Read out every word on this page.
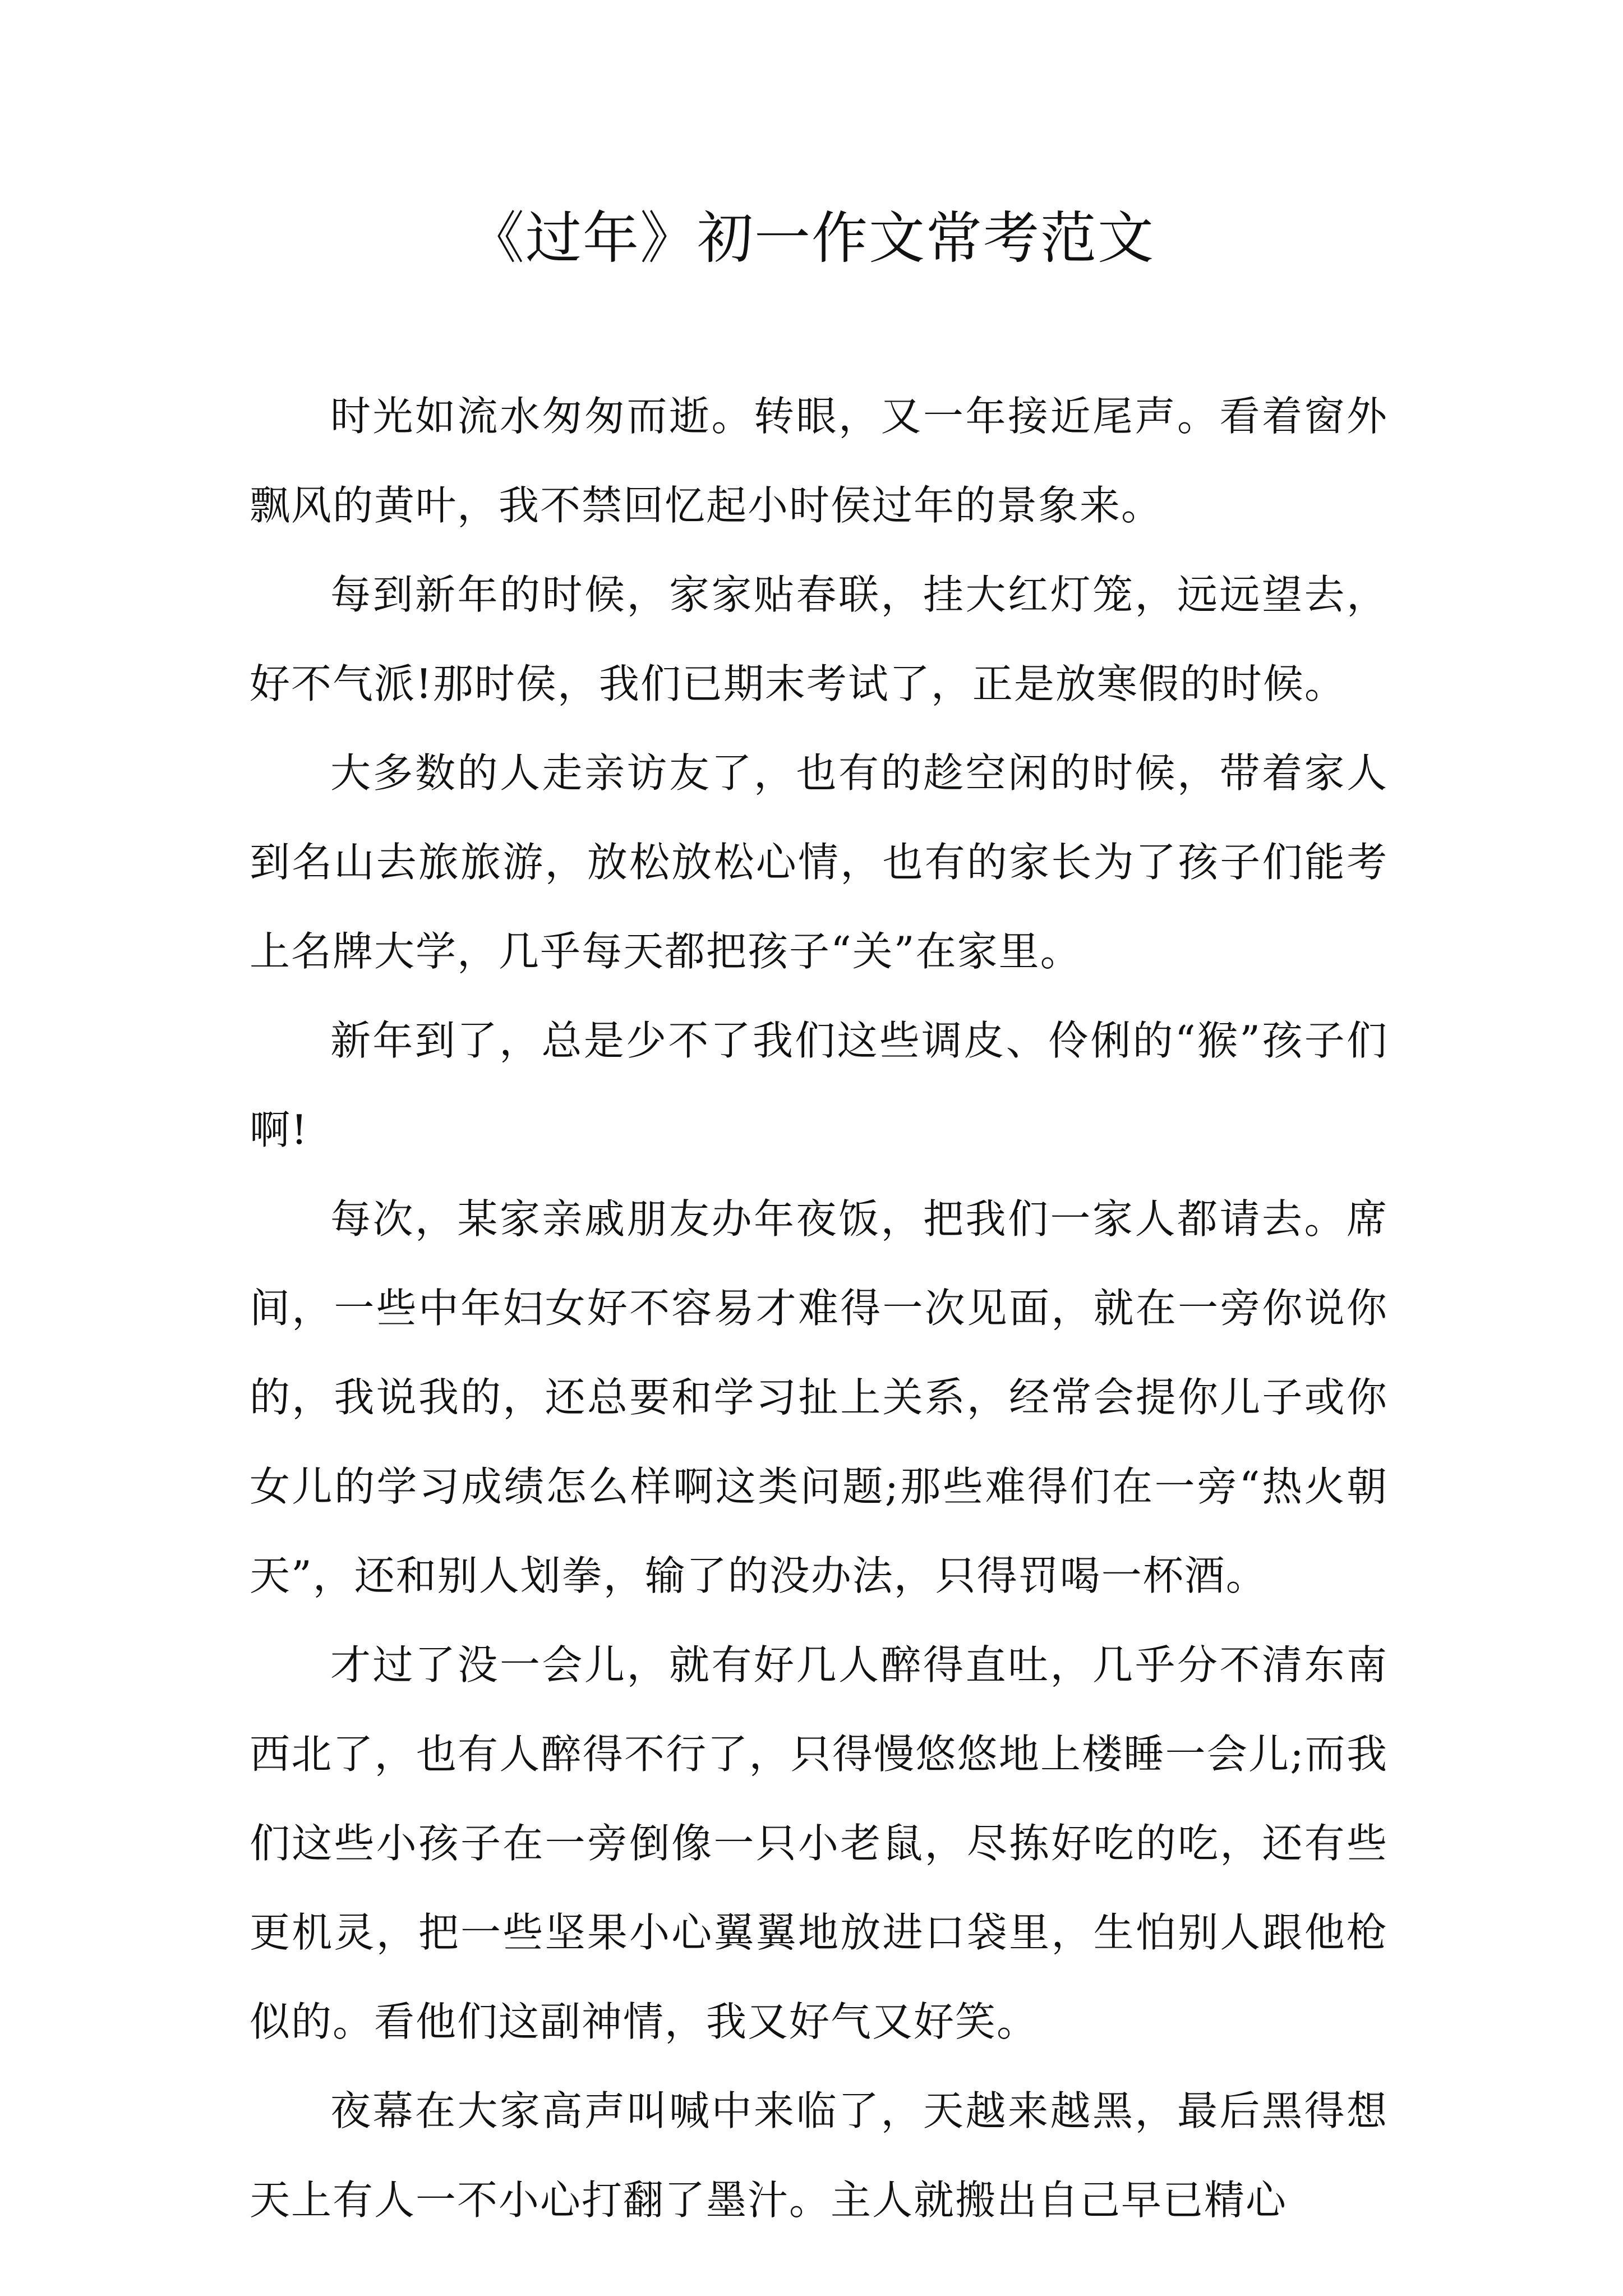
《过年》初一作文常考范文

时光如流水匆匆而逝。转眼，又一年接近尾声。看着窗外飘风的黄叶，我不禁回忆起小时侯过年的景象来。

每到新年的时候，家家贴春联，挂大红灯笼，远远望去，好不气派!那时侯，我们已期末考试了，正是放寒假的时候。

大多数的人走亲访友了，也有的趁空闲的时候，带着家人到名山去旅旅游，放松放松心情，也有的家长为了孩子们能考上名牌大学，几乎每天都把孩子“关”在家里。

新年到了，总是少不了我们这些调皮、伶俐的“猴”孩子们啊!

每次，某家亲戚朋友办年夜饭，把我们一家人都请去。席间，一些中年妇女好不容易才难得一次见面，就在一旁你说你的，我说我的，还总要和学习扯上关系，经常会提你儿子或你女儿的学习成绩怎么样啊这类问题;那些难得们在一旁“热火朝天”，还和别人划拳，输了的没办法，只得罚喝一杯酒。

才过了没一会儿，就有好几人醉得直吐，几乎分不清东南西北了，也有人醉得不行了，只得慢悠悠地上楼睡一会儿;而我们这些小孩子在一旁倒像一只小老鼠，尽拣好吃的吃，还有些更机灵，把一些坚果小心翼翼地放进口袋里，生怕别人跟他枪似的。看他们这副神情，我又好气又好笑。

夜幕在大家高声叫喊中来临了，天越来越黑，最后黑得想天上有人一不小心打翻了墨汁。主人就搬出自己早已精心
